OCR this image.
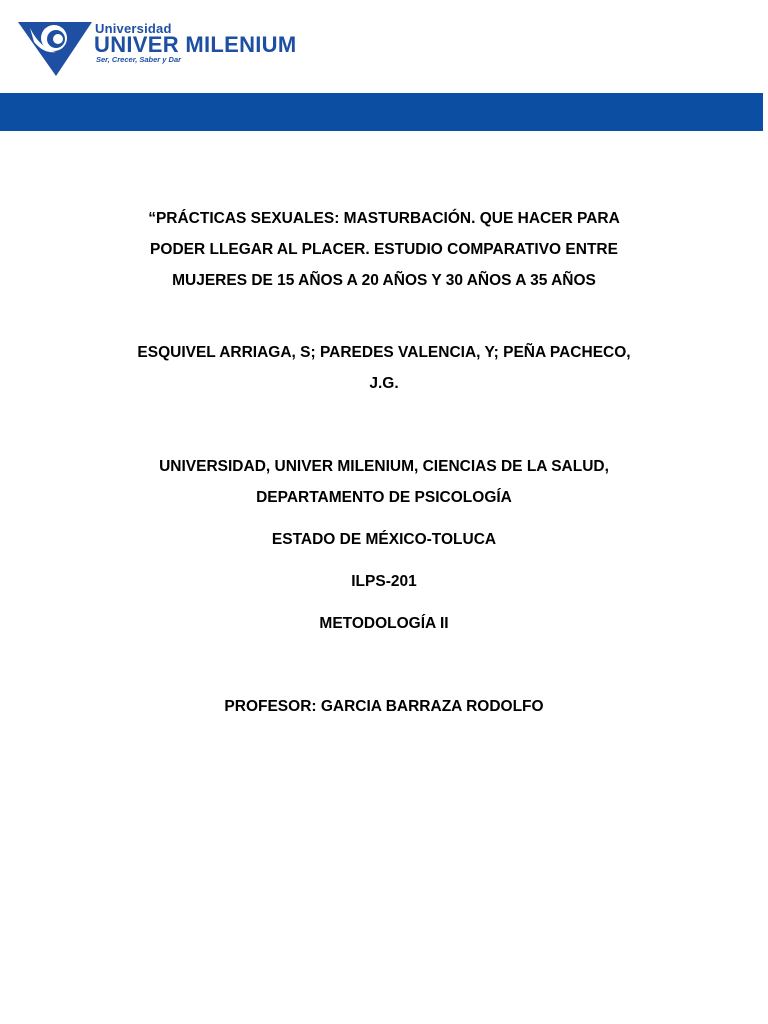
Universidad
UNIVER MILENIUM
Ser, Crecer, Saber y Dar
“PRÁCTICAS SEXUALES: MASTURBACIÓN. QUE HACER PARA
PODER LLEGAR AL PLACER. ESTUDIO COMPARATIVO ENTRE
MUJERES DE 15 AÑOS A 20 AÑOS Y 30 AÑOS A 35 AÑOS
ESQUIVEL ARRIAGA, S; PAREDES VALENCIA, Y; PEÑA PACHECO,
J.G.
UNIVERSIDAD, UNIVER MILENIUM, CIENCIAS DE LA SALUD,
DEPARTAMENTO DE PSICOLOGÍA
ESTADO DE MÉXICO-TOLUCA
ILPS-201
METODOLOGÍA II
PROFESOR: GARCIA BARRAZA RODOLFO
